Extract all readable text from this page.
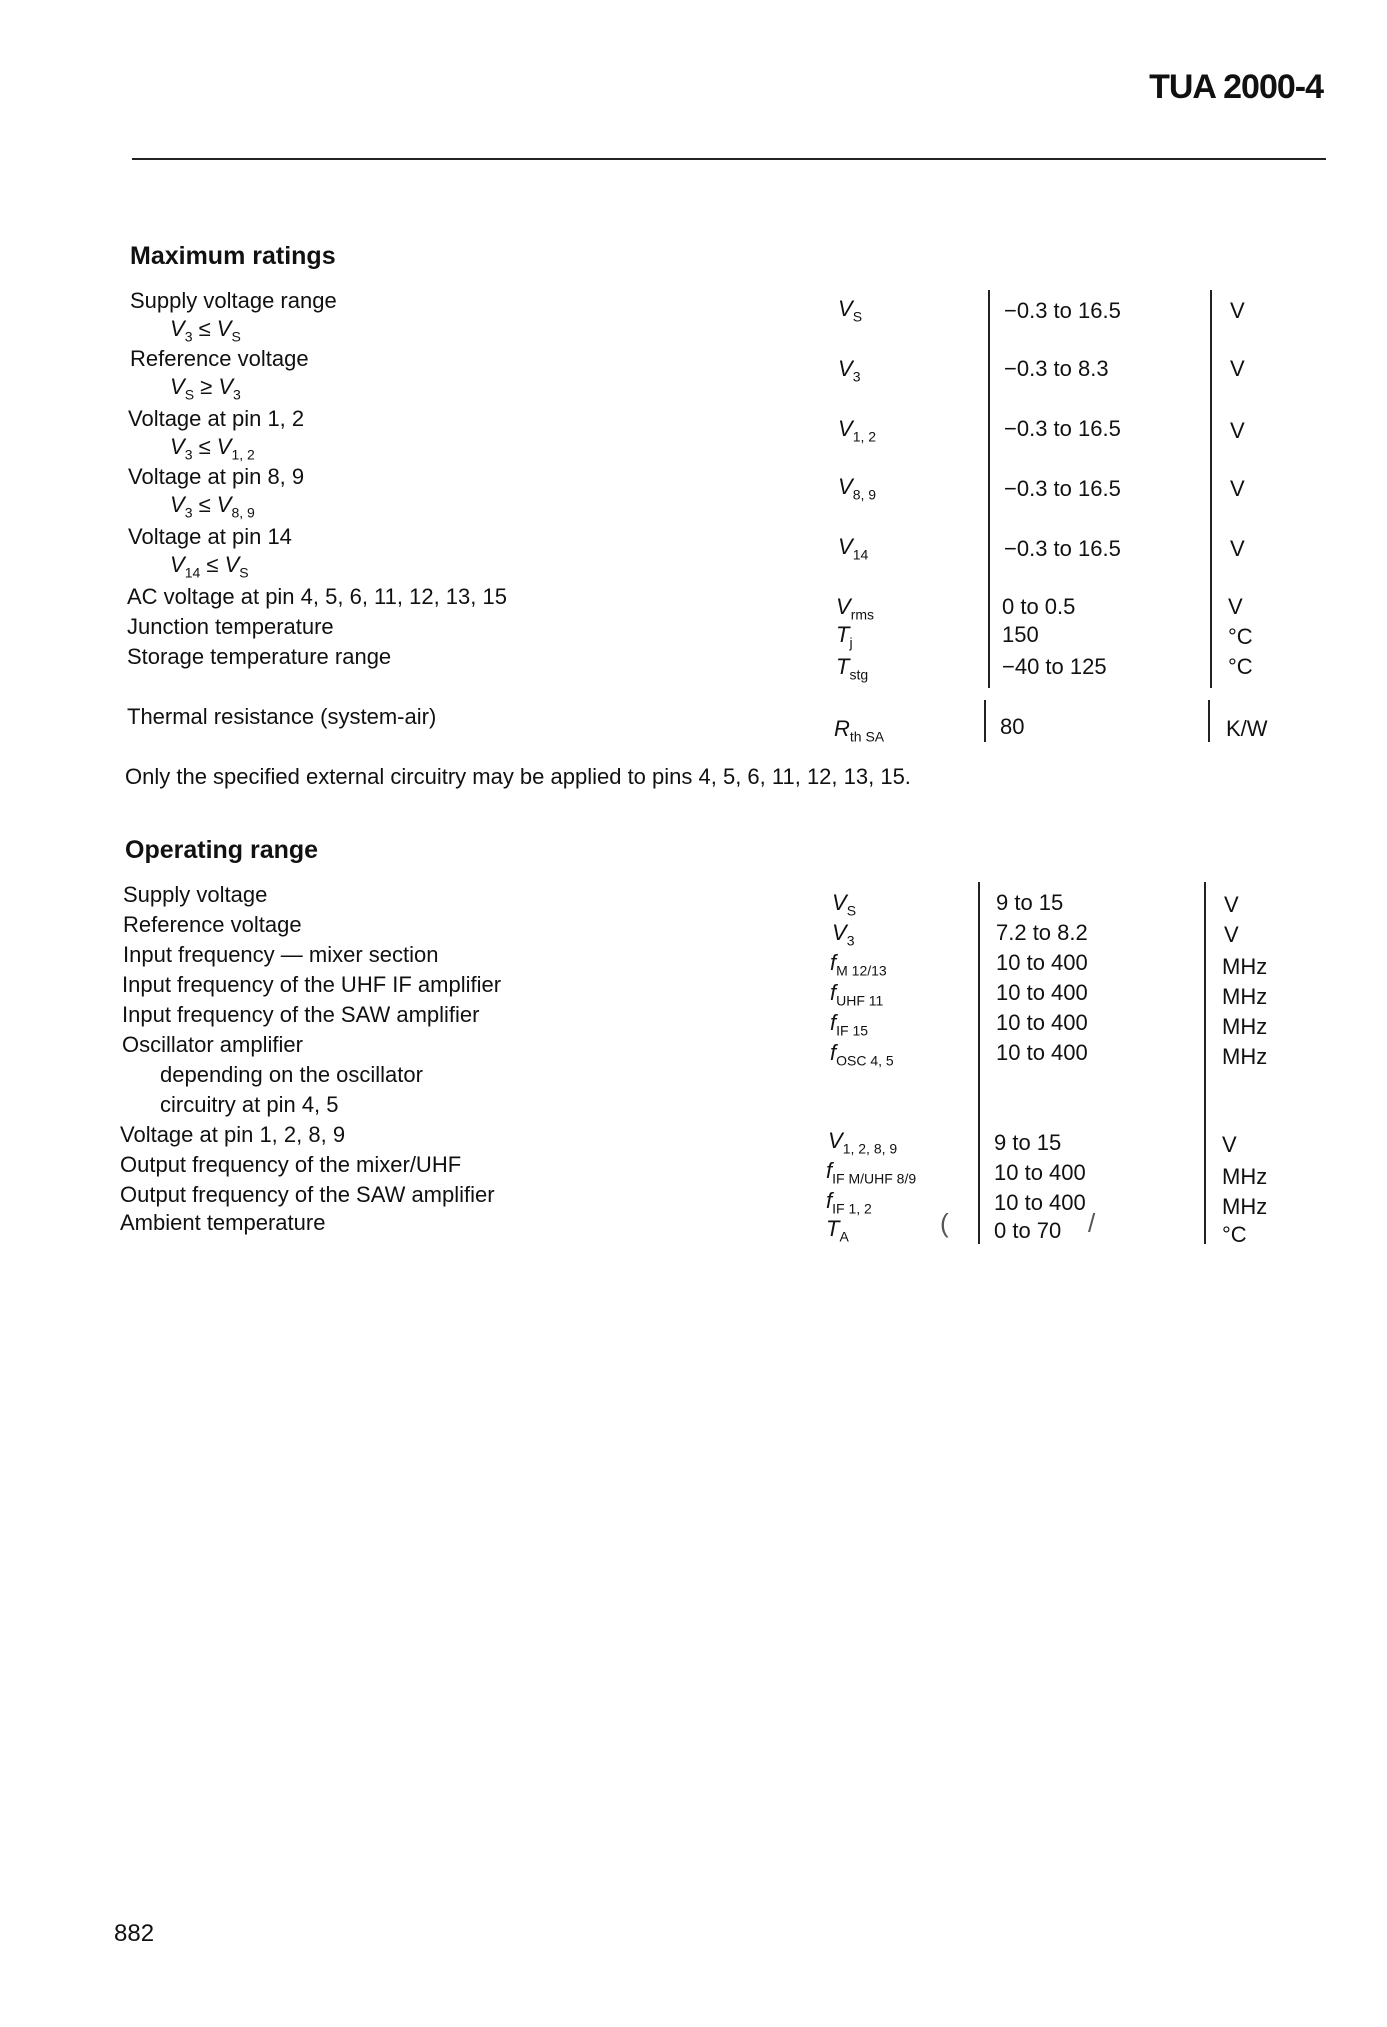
TUA 2000-4
Maximum ratings
Supply voltage range
$V_3 \le V_S$
Reference voltage
$V_S \ge V_3$
Voltage at pin 1, 2
$V_3 \le V_{1, 2}$
Voltage at pin 8, 9
$V_3 \le V_{8, 9}$
Voltage at pin 14
$V_{14} \le V_S$
AC voltage at pin 4, 5, 6, 11, 12, 13, 15
Junction temperature
Storage temperature range
Thermal resistance (system-air)
$V_S$
$V_3$
$V_{1, 2}$
$V_{8, 9}$
$V_{14}$
$V_{rms}$
$T_j$
$T_{stg}$
$R_{th SA}$
−0.3 to 16.5
−0.3 to 8.3
−0.3 to 16.5
−0.3 to 16.5
−0.3 to 16.5
0 to 0.5
150
−40 to 125
80
V
V
V
V
V
V
°C
°C
K/W
Only the specified external circuitry may be applied to pins 4, 5, 6, 11, 12, 13, 15.
Operating range
Supply voltage
Reference voltage
Input frequency — mixer section
Input frequency of the UHF IF amplifier
Input frequency of the SAW amplifier
Oscillator amplifier
depending on the oscillator
circuitry at pin 4, 5
Voltage at pin 1, 2, 8, 9
Output frequency of the mixer/UHF
Output frequency of the SAW amplifier
Ambient temperature
$V_S$
$V_3$
$f_{M 12/13}$
$f_{UHF 11}$
$f_{IF 15}$
$f_{OSC 4, 5}$
$V_{1, 2, 8, 9}$
$f_{IF M/UHF 8/9}$
$f_{IF 1, 2}$
$T_A$
9 to 15
7.2 to 8.2
10 to 400
10 to 400
10 to 400
10 to 400
9 to 15
10 to 400
10 to 400
0 to 70
V
V
MHz
MHz
MHz
MHz
V
MHz
MHz
°C
(	/
882
